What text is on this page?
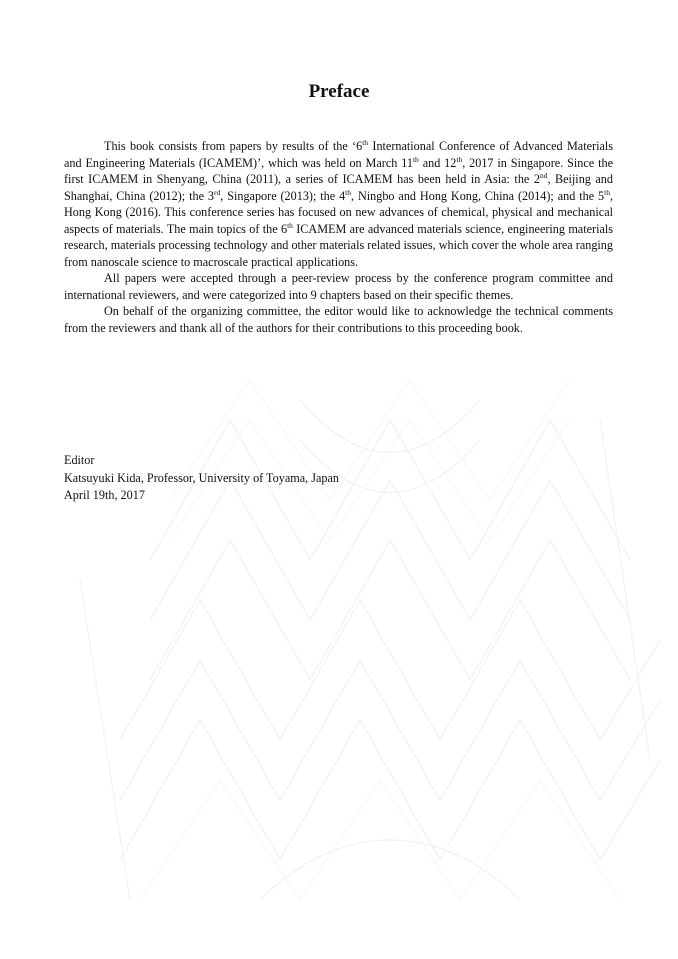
Preface

This book consists from papers by results of the ‘6th International Conference of Advanced Materials and Engineering Materials (ICAMEM)’, which was held on March 11th and 12th, 2017 in Singapore. Since the first ICAMEM in Shenyang, China (2011), a series of ICAMEM has been held in Asia: the 2nd, Beijing and Shanghai, China (2012); the 3rd, Singapore (2013); the 4th, Ningbo and Hong Kong, China (2014); and the 5th, Hong Kong (2016). This conference series has focused on new advances of chemical, physical and mechanical aspects of materials. The main topics of the 6th ICAMEM are advanced materials science, engineering materials research, materials processing technology and other materials related issues, which cover the whole area ranging from nanoscale science to macroscale practical applications.

All papers were accepted through a peer-review process by the conference program committee and international reviewers, and were categorized into 9 chapters based on their specific themes.

On behalf of the organizing committee, the editor would like to acknowledge the technical comments from the reviewers and thank all of the authors for their contributions to this proceeding book.

Editor
Katsuyuki Kida, Professor, University of Toyama, Japan
April 19th, 2017
